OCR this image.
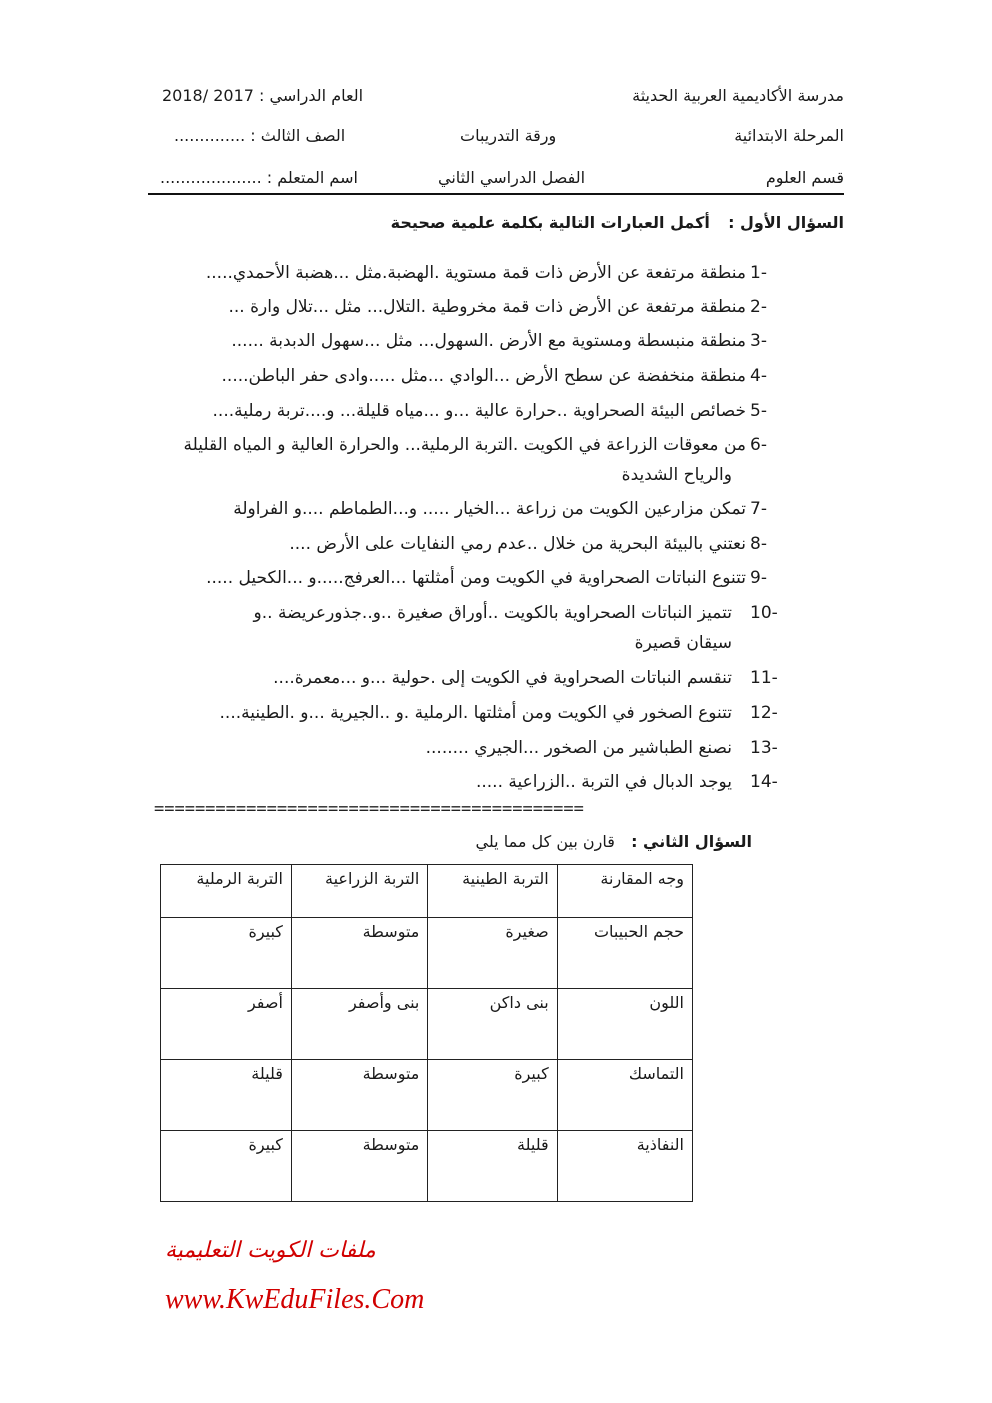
مدرسة الأكاديمية العربية الحديثة
العام الدراسي : 2017 /2018
المرحلة الابتدائية
ورقة التدريبات
الصف الثالث : ..............
قسم العلوم
الفصل الدراسي الثاني
اسم المتعلم : ....................
السؤال الأول :  أكمل العبارات التالية بكلمة علمية صحيحة
1-منطقة مرتفعة عن الأرض ذات قمة مستوية .الهضبة.مثل ...هضبة الأحمدي.....
2-منطقة مرتفعة عن الأرض ذات قمة مخروطية .التلال... مثل ...تلال وارة ...
3-منطقة منبسطة ومستوية مع الأرض .السهول... مثل ...سهول الدبدبة ......
4-منطقة منخفضة عن سطح الأرض ...الوادي ...مثل .....وادى حفر الباطن.....
5-خصائص البيئة الصحراوية ..حرارة عالية ...و ...مياه قليلة... و....تربة رملية....
6-من معوقات الزراعة في الكويت .التربة الرملية... والحرارة العالية و المياه القليلة
والرياح الشديدة
7-تمكن مزارعين الكويت من زراعة ...الخيار ..... و...الطماطم ....و الفراولة
8-نعتني بالبيئة البحرية من خلال ..عدم رمي النفايات على الأرض ....
9-تتنوع النباتات الصحراوية في الكويت ومن أمثلتها ...العرفج.....و ...الكحيل .....
10-تتميز النباتات الصحراوية بالكويت ..أوراق صغيرة ..و..جذورعريضة ..و
سيقان قصيرة
11-تنقسم النباتات الصحراوية في الكويت إلى .حولية ...و ...معمرة....
12-تتنوع الصخور في الكويت ومن أمثلتها .الرملية .و ..الجيرية ...و .الطينية....
13-نصنع الطباشير من الصخور ...الجيري ........
14-يوجد الدبال في التربة ..الزراعية .....
==========================================
السؤال الثاني :  قارن بين كل مما يلي
وجه المقارنة	التربة الطينية	التربة الزراعية	التربة الرملية
حجم الحبيبات	صغيرة	متوسطة	كبيرة
اللون	بنى داكن	بنى وأصفر	أصفر
التماسك	كبيرة	متوسطة	قليلة
النفاذية	قليلة	متوسطة	كبيرة
ملفات الكويت التعليمية
www.KwEduFiles.Com
